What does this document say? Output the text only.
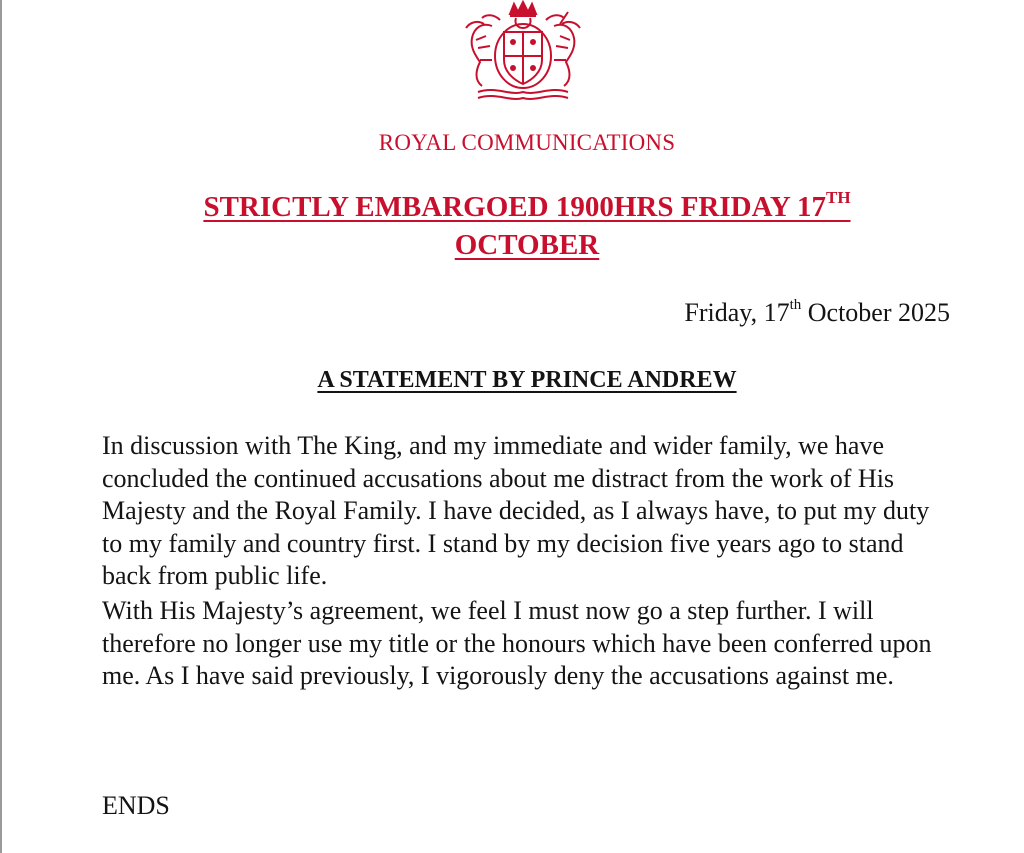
ROYAL COMMUNICATIONS
STRICTLY EMBARGOED 1900HRS FRIDAY 17TH
OCTOBER
Friday, 17th October 2025
A STATEMENT BY PRINCE ANDREW

In discussion with The King, and my immediate and wider family, we have concluded the continued accusations about me distract from the work of His Majesty and the Royal Family. I have decided, as I always have, to put my duty to my family and country first. I stand by my decision five years ago to stand back from public life.

With His Majesty’s agreement, we feel I must now go a step further. I will therefore no longer use my title or the honours which have been conferred upon me. As I have said previously, I vigorously deny the accusations against me.

ENDS
